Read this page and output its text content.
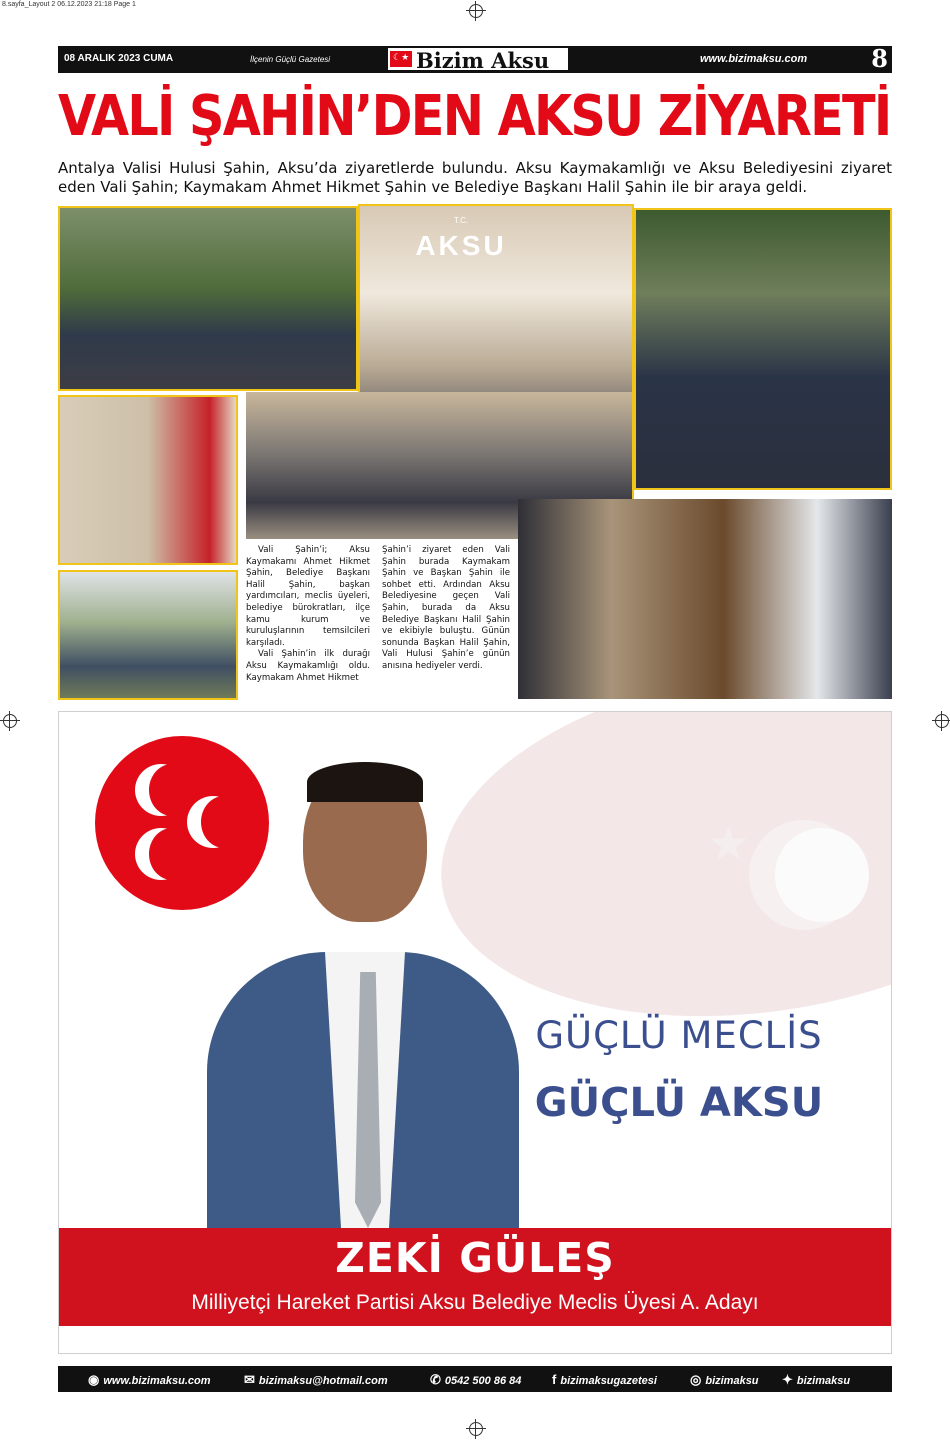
8.sayfa_Layout 2 06.12.2023 21:18 Page 1
08 ARALIK 2023 CUMA	İlçenin Güçlü Gazetesi
☾★	Bizim Aksu	www.bizimaksu.com	8
VALİ ŞAHİN’DEN AKSU ZİYARETİ
Antalya Valisi Hulusi Şahin, Aksu’da ziyaretlerde bulundu. Aksu Kaymakamlığı ve Aksu Belediyesini ziyaret eden Vali Şahin; Kaymakam Ahmet Hikmet Şahin ve Belediye Başkanı Halil Şahin ile bir araya geldi.
T.C.
AKSU

Vali Şahin’i; Aksu Kaymakamı Ahmet Hikmet Şahin, Belediye Başkanı Halil Şahin, başkan yardımcıları, meclis üyeleri, belediye bürokratları, ilçe kamu kurum ve kuruluşlarının temsilcileri karşıladı.

Vali Şahin’in ilk durağı Aksu Kaymakamlığı oldu. Kaymakam Ahmet Hikmet

Şahin’i ziyaret eden Vali Şahin burada Kaymakam Şahin ve Başkan Şahin ile sohbet etti. Ardından Aksu Belediyesine geçen Vali Şahin, burada da Aksu Belediye Başkanı Halil Şahin ve ekibiyle buluştu. Günün sonunda Başkan Halil Şahin, Vali Hulusi Şahin’e günün anısına hediyeler verdi.

★
GÜÇLÜ MECLİS
GÜÇLÜ AKSU
ZEKİ GÜLEŞ
Milliyetçi Hareket Partisi Aksu Belediye Meclis Üyesi A. Adayı
◉ www.bizimaksu.com	✉ bizimaksu@hotmail.com	✆ 0542 500 86 84 f bizimaksugazetesi	◎ bizimaksu ✦ bizimaksu
